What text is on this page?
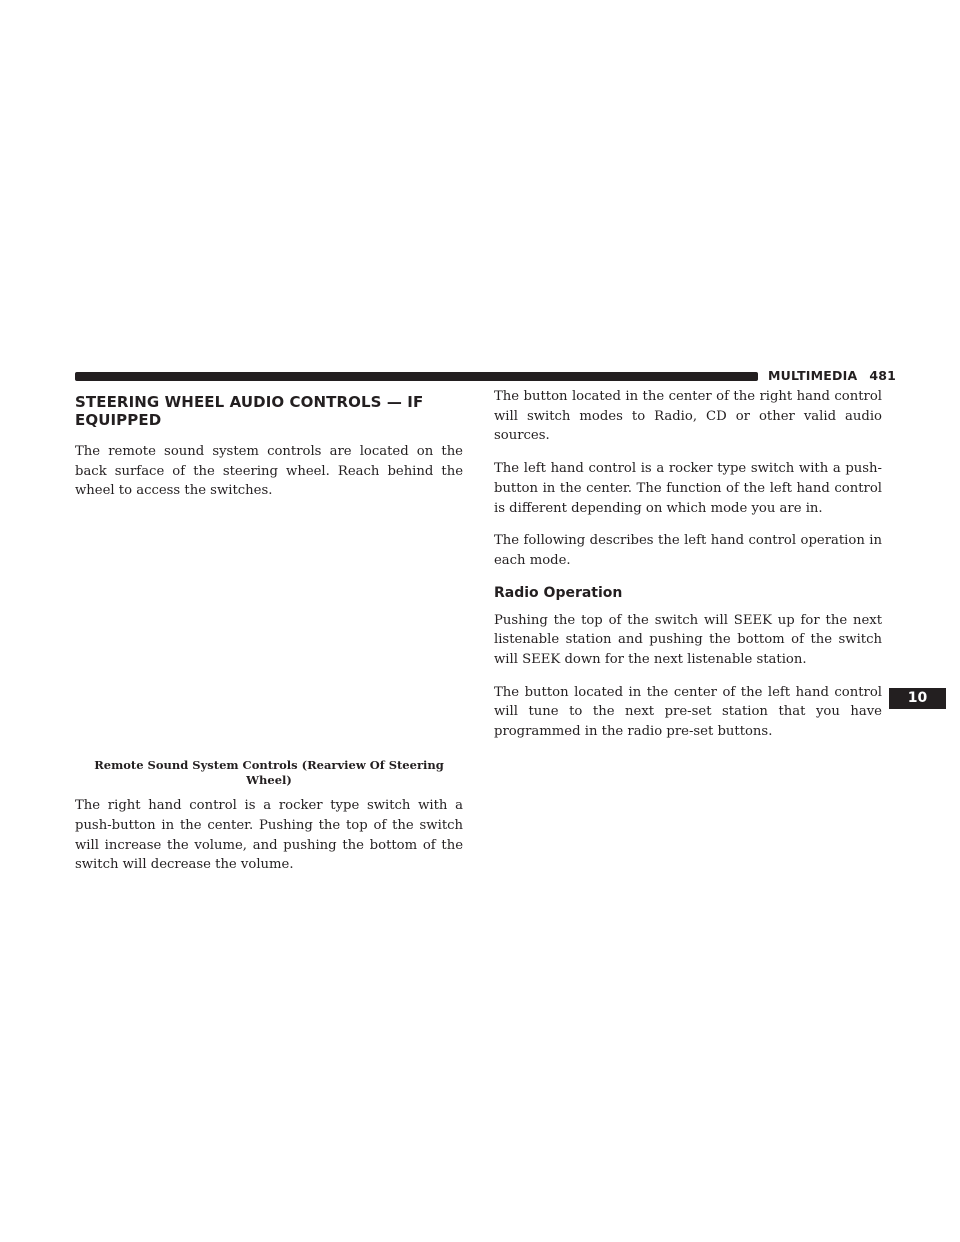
MULTIMEDIA 481
STEERING WHEEL AUDIO CONTROLS — IF EQUIPPED

The remote sound system controls are located on the back surface of the steering wheel. Reach behind the wheel to access the switches.

Remote Sound System Controls (Rearview Of Steering Wheel)

The right hand control is a rocker type switch with a push-button in the center. Pushing the top of the switch will increase the volume, and pushing the bottom of the switch will decrease the volume.

The button located in the center of the right hand control will switch modes to Radio, CD or other valid audio sources.

The left hand control is a rocker type switch with a push-button in the center. The function of the left hand control is different depending on which mode you are in.

The following describes the left hand control operation in each mode.

Radio Operation

Pushing the top of the switch will SEEK up for the next listenable station and pushing the bottom of the switch will SEEK down for the next listenable station.

The button located in the center of the left hand control will tune to the next pre-set station that you have programmed in the radio pre-set buttons.

10
